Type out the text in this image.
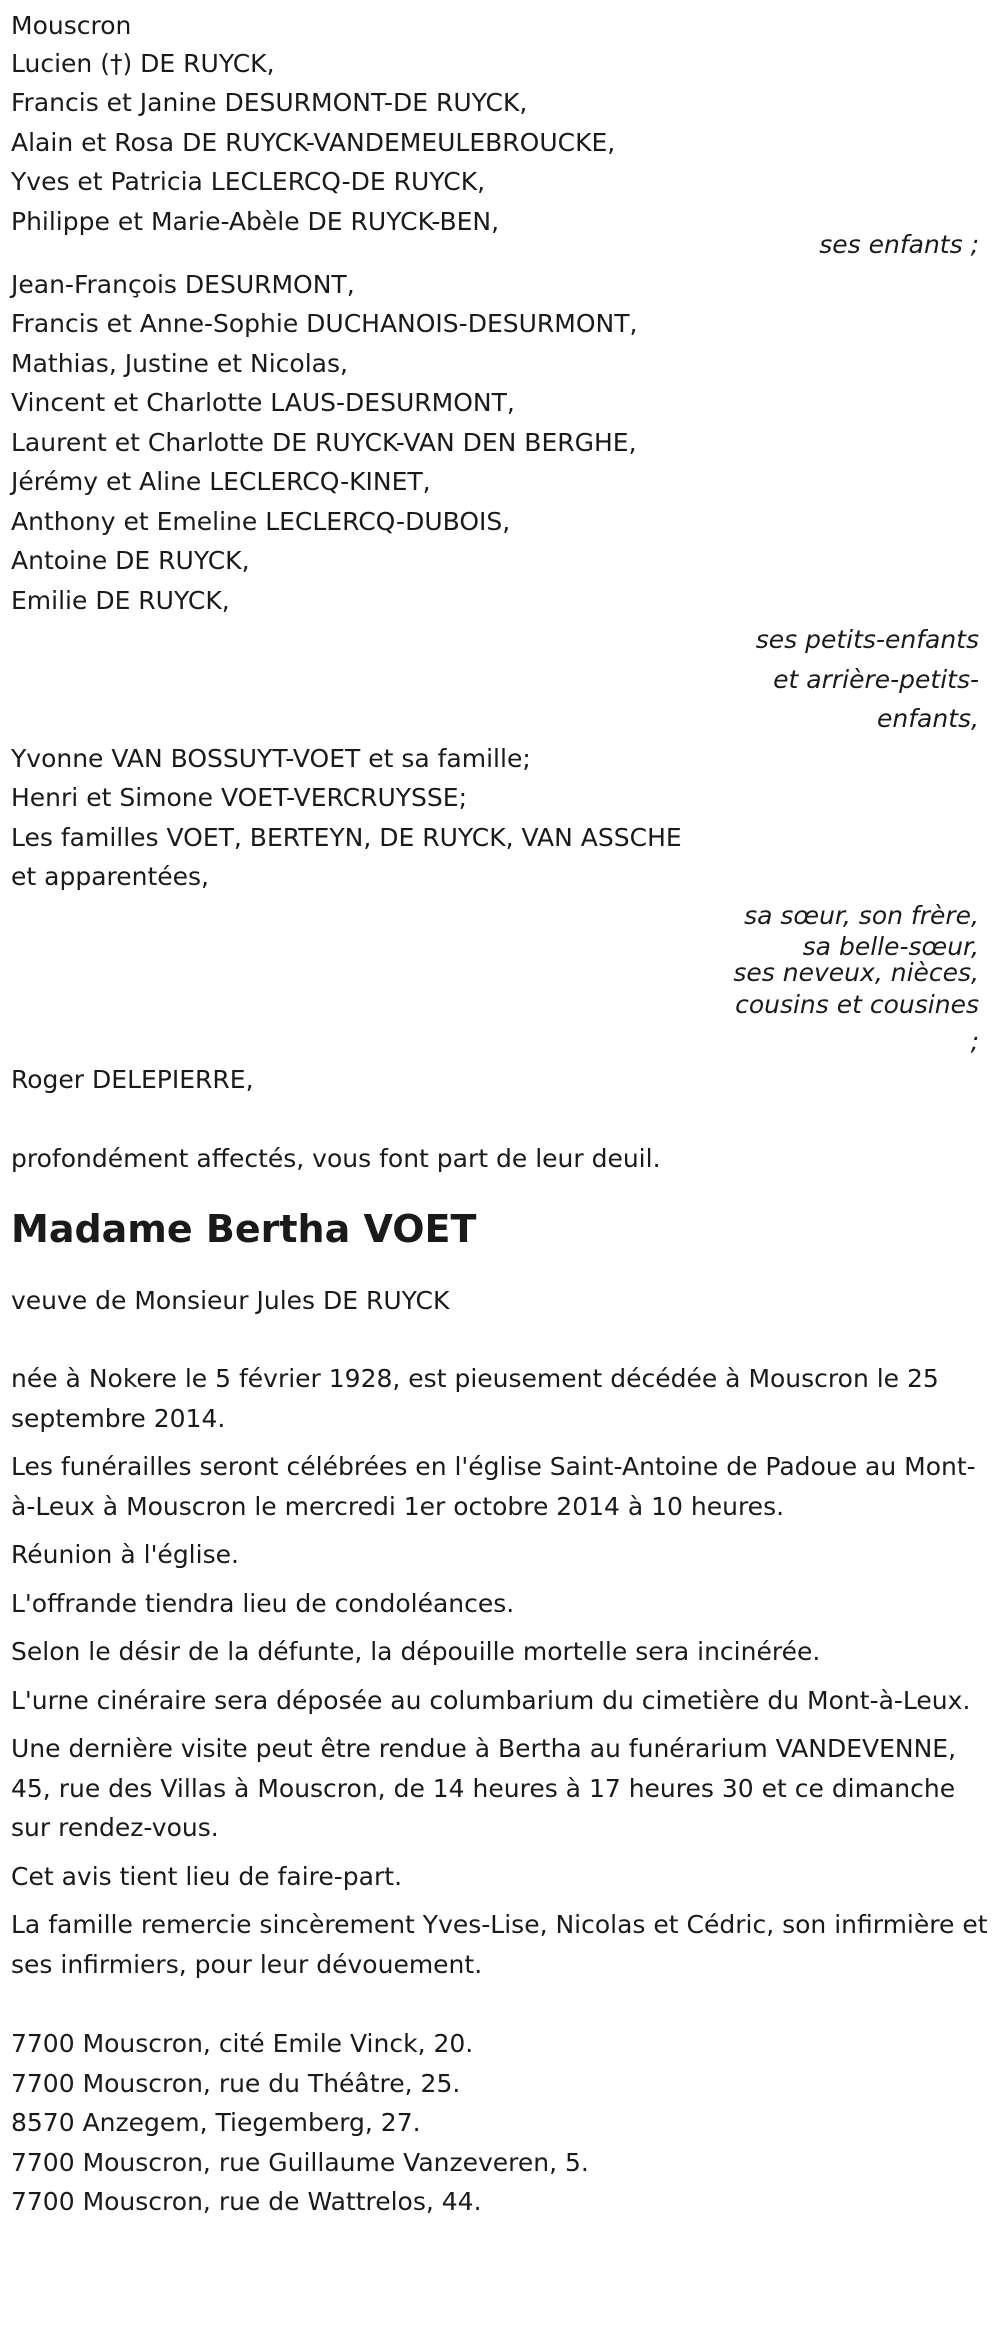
Mouscron
Lucien (†) DE RUYCK,
Francis et Janine DESURMONT-DE RUYCK,
Alain et Rosa DE RUYCK-VANDEMEULEBROUCKE,
Yves et Patricia LECLERCQ-DE RUYCK,
Philippe et Marie-Abèle DE RUYCK-BEN,
ses enfants ;
Jean-François DESURMONT,
Francis et Anne-Sophie DUCHANOIS-DESURMONT,
Mathias, Justine et Nicolas,
Vincent et Charlotte LAUS-DESURMONT,
Laurent et Charlotte DE RUYCK-VAN DEN BERGHE,
Jérémy et Aline LECLERCQ-KINET,
Anthony et Emeline LECLERCQ-DUBOIS,
Antoine DE RUYCK,
Emilie DE RUYCK,
ses petits-enfants
et arrière-petits-
enfants,
Yvonne VAN BOSSUYT-VOET et sa famille;
Henri et Simone VOET-VERCRUYSSE;
Les familles VOET, BERTEYN, DE RUYCK, VAN ASSCHE
et apparentées,
sa sœur, son frère,
sa belle-sœur,
ses neveux, nièces,
cousins et cousines
;
Roger DELEPIERRE,
profondément affectés, vous font part de leur deuil.
Madame Bertha VOET
veuve de Monsieur Jules DE RUYCK

née à Nokere le 5 février 1928, est pieusement décédée à Mouscron le 25 septembre 2014.

Les funérailles seront célébrées en l'église Saint-Antoine de Padoue au Mont-à-Leux à Mouscron le mercredi 1er octobre 2014 à 10 heures.

Réunion à l'église.

L'offrande tiendra lieu de condoléances.

Selon le désir de la défunte, la dépouille mortelle sera incinérée.

L'urne cinéraire sera déposée au columbarium du cimetière du Mont-à-Leux.

Une dernière visite peut être rendue à Bertha au funérarium VANDEVENNE, 45, rue des Villas à Mouscron, de 14 heures à 17 heures 30 et ce dimanche sur rendez-vous.

Cet avis tient lieu de faire-part.

La famille remercie sincèrement Yves-Lise, Nicolas et Cédric, son infirmière et ses infirmiers, pour leur dévouement.

7700 Mouscron, cité Emile Vinck, 20.
7700 Mouscron, rue du Théâtre, 25.
8570 Anzegem, Tiegemberg, 27.
7700 Mouscron, rue Guillaume Vanzeveren, 5.
7700 Mouscron, rue de Wattrelos, 44.
